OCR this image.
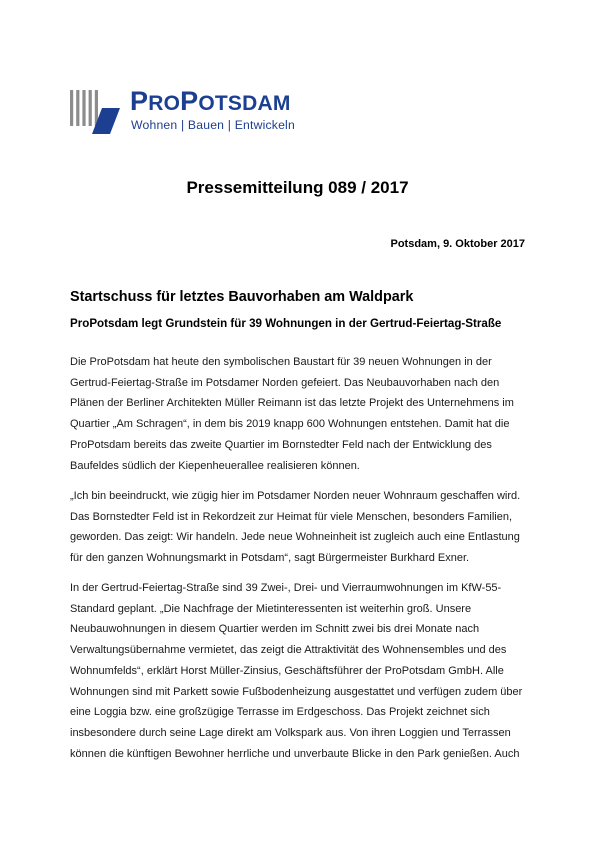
PROPOTSDAM
Wohnen | Bauen | Entwickeln
Pressemitteilung 089 / 2017
Potsdam, 9. Oktober 2017
Startschuss für letztes Bauvorhaben am Waldpark
ProPotsdam legt Grundstein für 39 Wohnungen in der Gertrud-Feiertag-Straße

Die ProPotsdam hat heute den symbolischen Baustart für 39 neuen Wohnungen in der Gertrud-Feiertag-Straße im Potsdamer Norden gefeiert. Das Neubauvorhaben nach den Plänen der Berliner Architekten Müller Reimann ist das letzte Projekt des Unternehmens im Quartier „Am Schragen“, in dem bis 2019 knapp 600 Wohnungen entstehen. Damit hat die ProPotsdam bereits das zweite Quartier im Bornstedter Feld nach der Entwicklung des Baufeldes südlich der Kiepenheuerallee realisieren können.

„Ich bin beeindruckt, wie zügig hier im Potsdamer Norden neuer Wohnraum geschaffen wird. Das Bornstedter Feld ist in Rekordzeit zur Heimat für viele Menschen, besonders Familien, geworden. Das zeigt: Wir handeln. Jede neue Wohneinheit ist zugleich auch eine Entlastung für den ganzen Wohnungsmarkt in Potsdam“, sagt Bürgermeister Burkhard Exner.

In der Gertrud-Feiertag-Straße sind 39 Zwei-, Drei- und Vierraumwohnungen im KfW-55-Standard geplant. „Die Nachfrage der Mietinteressenten ist weiterhin groß. Unsere Neubauwohnungen in diesem Quartier werden im Schnitt zwei bis drei Monate nach Verwaltungsübernahme vermietet, das zeigt die Attraktivität des Wohnensembles und des Wohnumfelds“, erklärt Horst Müller-Zinsius, Geschäftsführer der ProPotsdam GmbH. Alle Wohnungen sind mit Parkett sowie Fußbodenheizung ausgestattet und verfügen zudem über eine Loggia bzw. eine großzügige Terrasse im Erdgeschoss. Das Projekt zeichnet sich insbesondere durch seine Lage direkt am Volkspark aus. Von ihren Loggien und Terrassen können die künftigen Bewohner herrliche und unverbaute Blicke in den Park genießen. Auch
